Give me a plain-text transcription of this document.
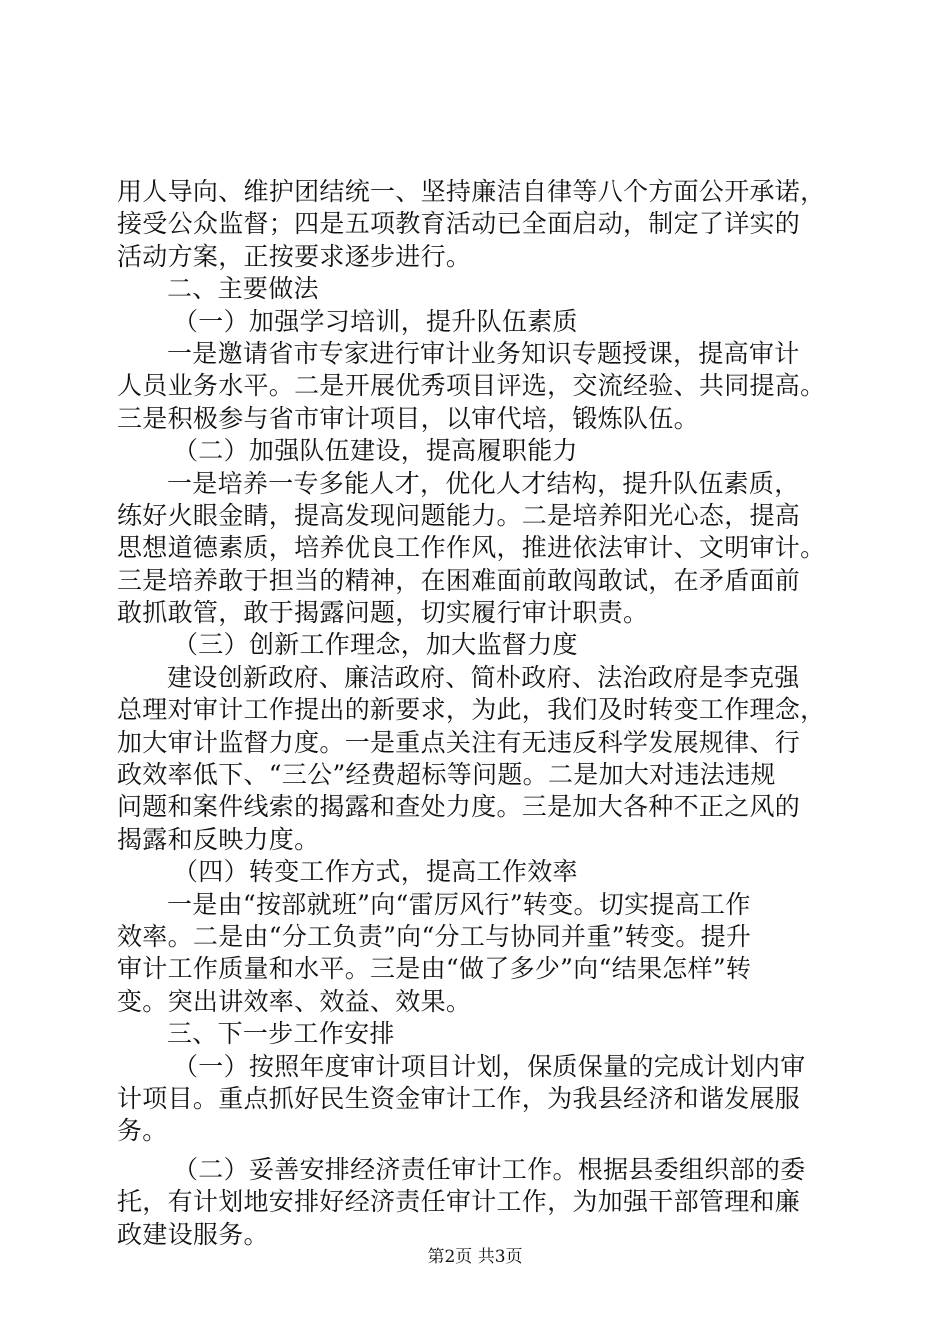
用人导向、维护团结统一、坚持廉洁自律等八个方面公开承诺，
接受公众监督；四是五项教育活动已全面启动，制定了详实的
活动方案，正按要求逐步进行。
二、主要做法
（一）加强学习培训，提升队伍素质
一是邀请省市专家进行审计业务知识专题授课，提高审计
人员业务水平。二是开展优秀项目评选，交流经验、共同提高。
三是积极参与省市审计项目，以审代培，锻炼队伍。
（二）加强队伍建设，提高履职能力
一是培养一专多能人才，优化人才结构，提升队伍素质，
练好火眼金睛，提高发现问题能力。二是培养阳光心态，提高
思想道德素质，培养优良工作作风，推进依法审计、文明审计。
三是培养敢于担当的精神，在困难面前敢闯敢试，在矛盾面前
敢抓敢管，敢于揭露问题，切实履行审计职责。
（三）创新工作理念，加大监督力度
建设创新政府、廉洁政府、简朴政府、法治政府是李克强
总理对审计工作提出的新要求，为此，我们及时转变工作理念，
加大审计监督力度。一是重点关注有无违反科学发展规律、行
政效率低下、“三公”经费超标等问题。二是加大对违法违规
问题和案件线索的揭露和查处力度。三是加大各种不正之风的
揭露和反映力度。
（四）转变工作方式，提高工作效率
一是由“按部就班”向“雷厉风行”转变。切实提高工作
效率。二是由“分工负责”向“分工与协同并重”转变。提升
审计工作质量和水平。三是由“做了多少”向“结果怎样”转
变。突出讲效率、效益、效果。
三、下一步工作安排
（一）按照年度审计项目计划，保质保量的完成计划内审
计项目。重点抓好民生资金审计工作，为我县经济和谐发展服
务。
（二）妥善安排经济责任审计工作。根据县委组织部的委
托，有计划地安排好经济责任审计工作，为加强干部管理和廉
政建设服务。
第2页 共3页
